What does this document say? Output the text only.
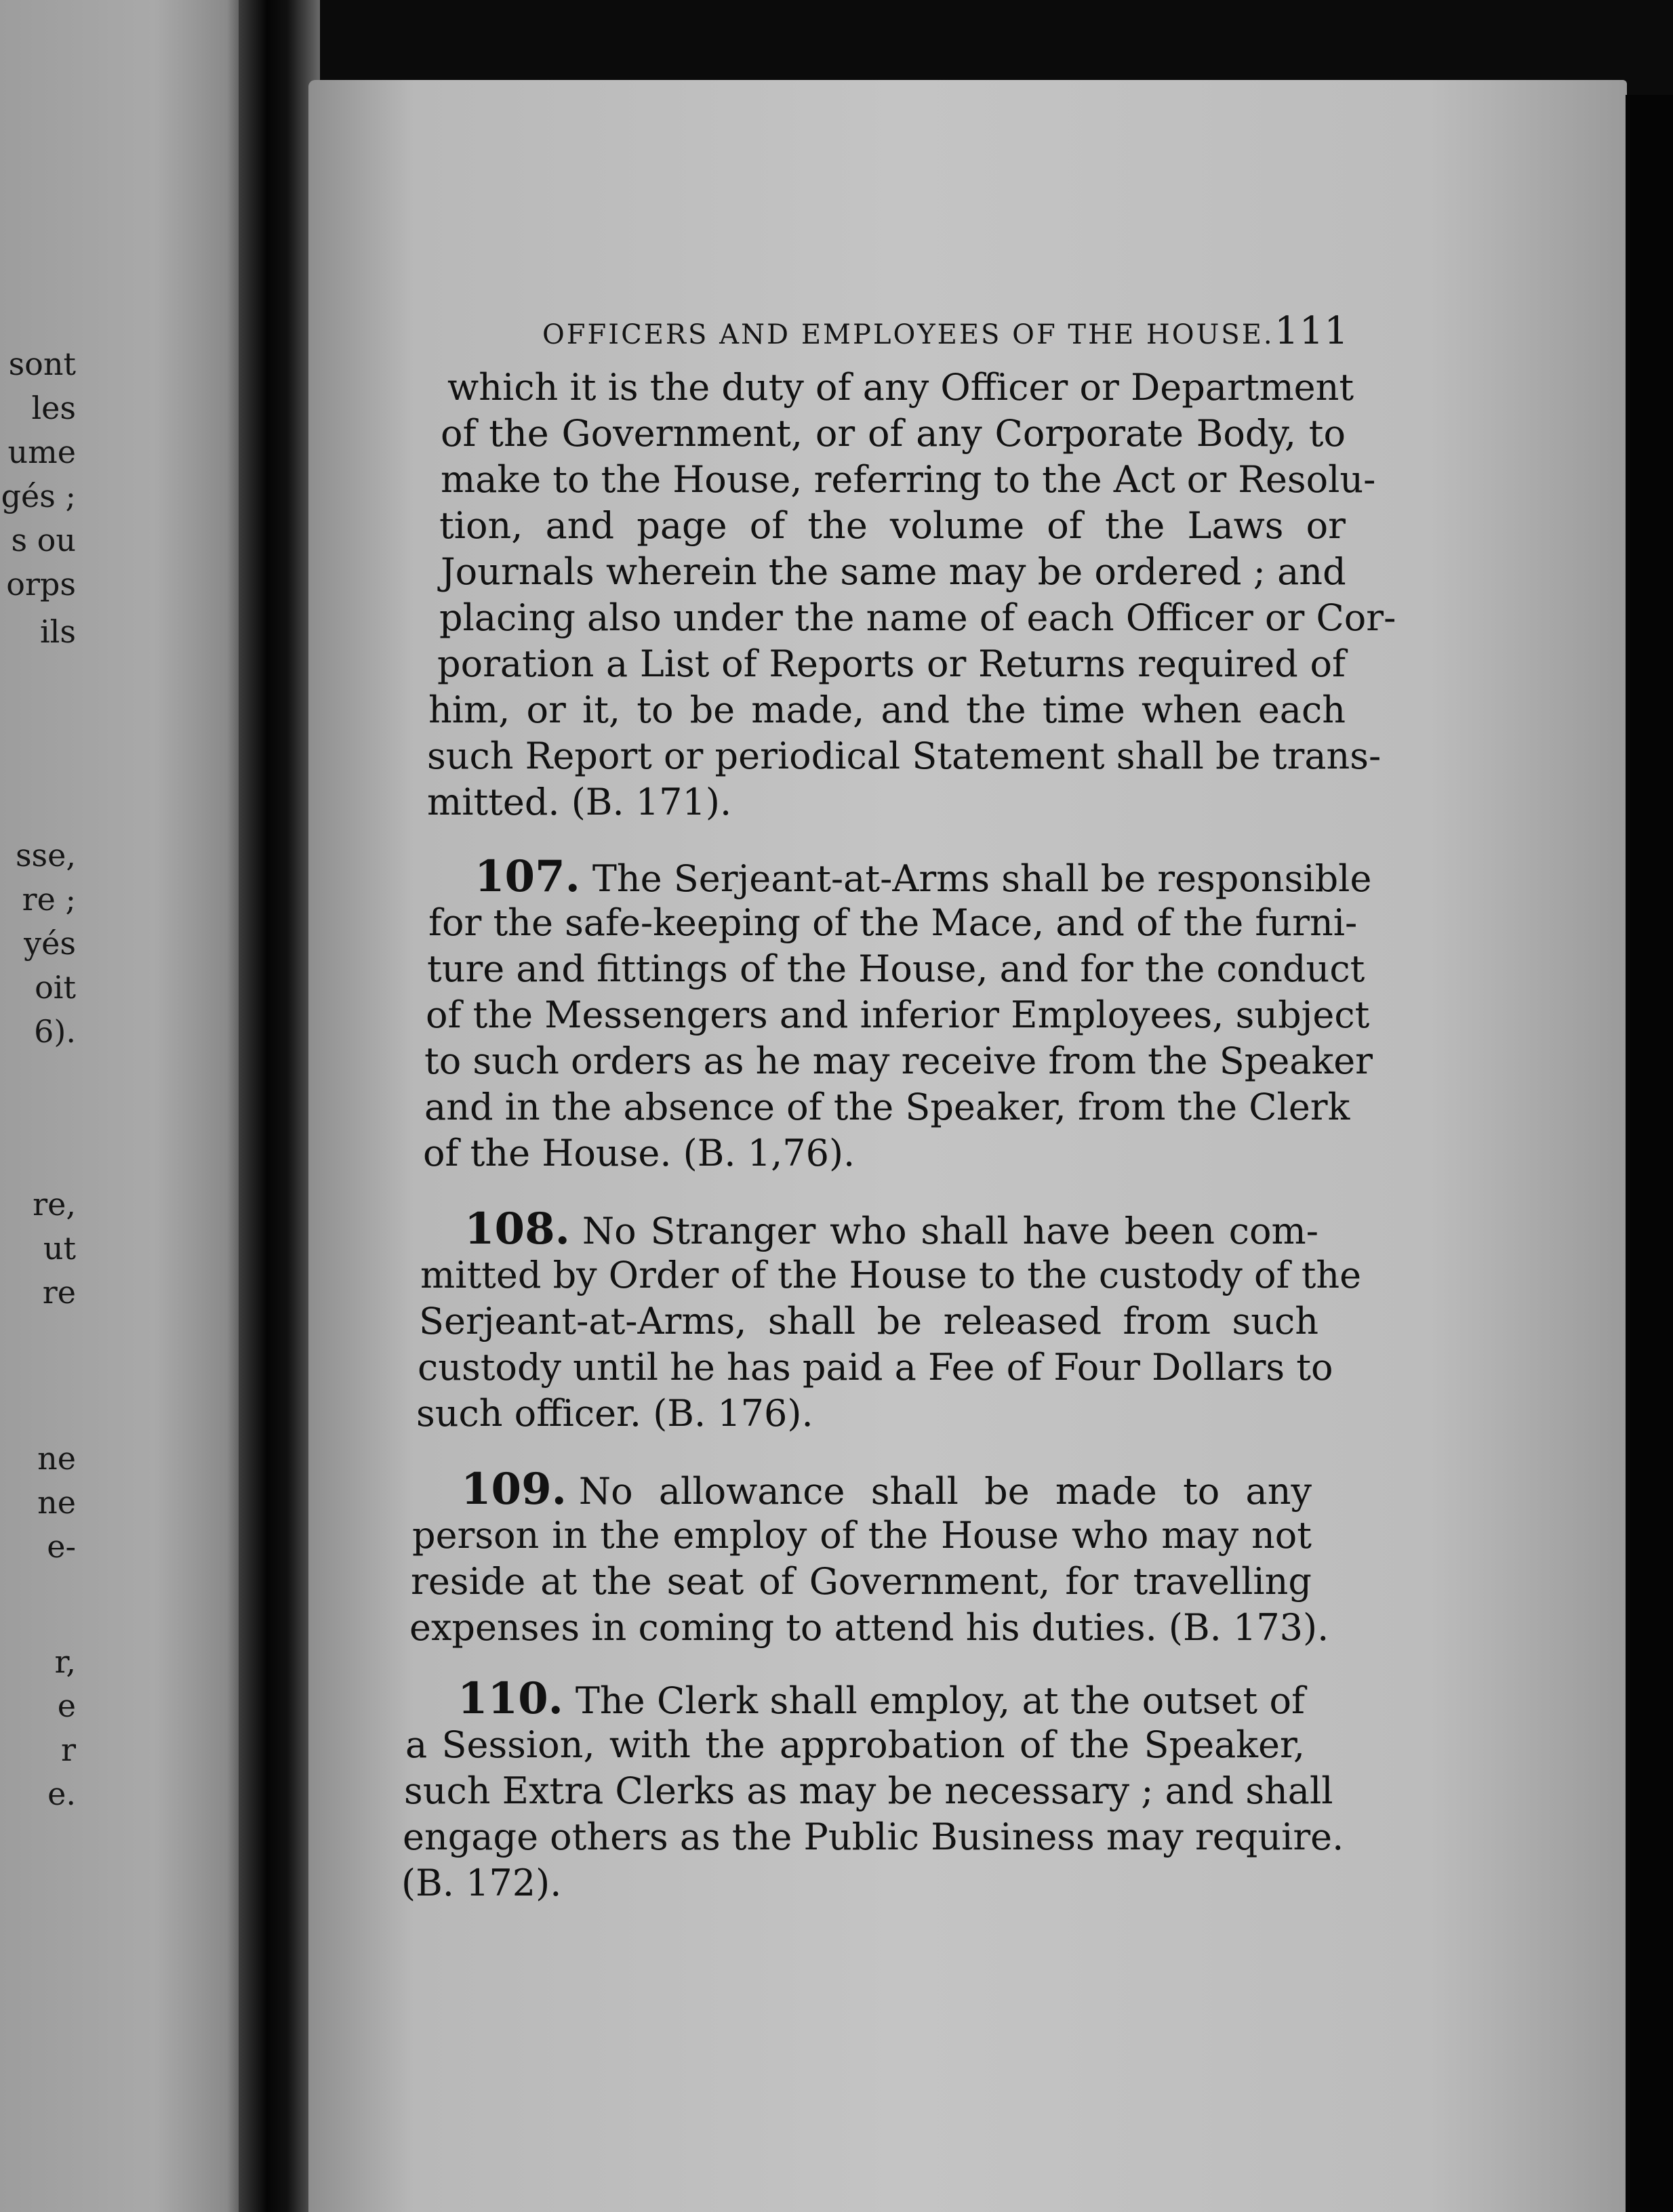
sont
les
ume
gés ;
s ou
orps
ils
sse,
re ;
yés
oit
6).
re,
ut
re
ne
ne
e-
r,
e
r
e.
OFFICERS AND EMPLOYEES OF THE HOUSE. 111
which it is the duty of any Officer or Department
of the Government, or of any Corporate Body, to
make to the House, referring to the Act or Resolu-
tion, and page of the volume of the Laws or
Journals wherein the same may be ordered ; and
placing also under the name of each Officer or Cor-
poration a List of Reports or Returns required of
him, or it, to be made, and the time when each
such Report or periodical Statement shall be trans-
mitted. (B. 171).
107. The Serjeant-at-Arms shall be responsible
for the safe-keeping of the Mace, and of the furni-
ture and fittings of the House, and for the conduct
of the Messengers and inferior Employees, subject
to such orders as he may receive from the Speaker
and in the absence of the Speaker, from the Clerk
of the House. (B. 1,76).
108. No Stranger who shall have been com-
mitted by Order of the House to the custody of the
Serjeant-at-Arms, shall be released from such
custody until he has paid a Fee of Four Dollars to
such officer. (B. 176).
109. No allowance shall be made to any
person in the employ of the House who may not
reside at the seat of Government, for travelling
expenses in coming to attend his duties. (B. 173).
110. The Clerk shall employ, at the outset of
a Session, with the approbation of the Speaker,
such Extra Clerks as may be necessary ; and shall
engage others as the Public Business may require.
(B. 172).
